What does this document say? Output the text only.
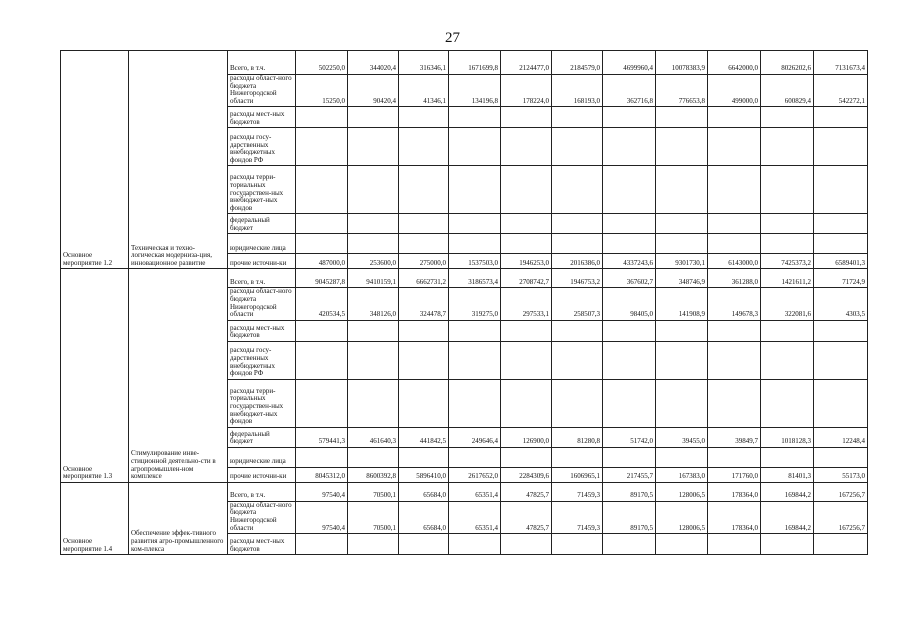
27
Основное мероприятие 1.2	Техническая и техно-логическая модерниза-ция, инновационное развитие	Всего, в т.ч.	502250,0	344020,4	316346,1	1671699,8	2124477,0	2184579,0	4699960,4	10078383,9	6642000,0	8026202,6	7131673,4

		расходы област-ного бюджета Нижегородской области	15250,0	90420,4	41346,1	134196,8	178224,0	168193,0	362716,8	776653,8	499000,0	600829,4	542272,1

		расходы мест-ных бюджетов	

		расходы госу-дарственных внебюджетных фондов РФ	

		расходы терри-ториальных государствен-ных внебюджет-ных фондов	

		федеральный бюджет	

		юридические лица	

		прочие источни-ки	487000,0	253600,0	275000,0	1537503,0	1946253,0	2016386,0	4337243,6	9301730,1	6143000,0	7425373,2	6589401,3

Основное мероприятие 1.3	Стимулирование инве-стиционной деятельно-сти в агропромышлен-ном комплексе	Всего, в т.ч.	9045287,8	9410159,1	6662731,2	3186573,4	2708742,7	1946753,2	367602,7	348746,9	361288,0	1421611,2	71724,9

		расходы област-ного бюджета Нижегородской области	420534,5	348126,0	324478,7	319275,0	297533,1	258507,3	98405,0	141908,9	149678,3	322081,6	4303,5

		расходы мест-ных бюджетов	

		расходы госу-дарственных внебюджетных фондов РФ	

		расходы терри-ториальных государствен-ных внебюджет-ных фондов	

		федеральный бюджет	579441,3	461640,3	441842,5	249646,4	126900,0	81280,8	51742,0	39455,0	39849,7	1018128,3	12248,4

		юридические лица	

		прочие источни-ки	8045312,0	8600392,8	5896410,0	2617652,0	2284309,6	1606965,1	217455,7	167383,0	171760,0	81401,3	55173,0

Основное мероприятие 1.4	Обеспечение эффек-тивного развития агро-промышленного ком-плекса	Всего, в т.ч.	97540,4	70500,1	65684,0	65351,4	47825,7	71459,3	89170,5	128006,5	178364,0	169844,2	167256,7

		расходы област-ного бюджета Нижегородской области	97540,4	70500,1	65684,0	65351,4	47825,7	71459,3	89170,5	128006,5	178364,0	169844,2	167256,7

		расходы мест-ных бюджетов	
